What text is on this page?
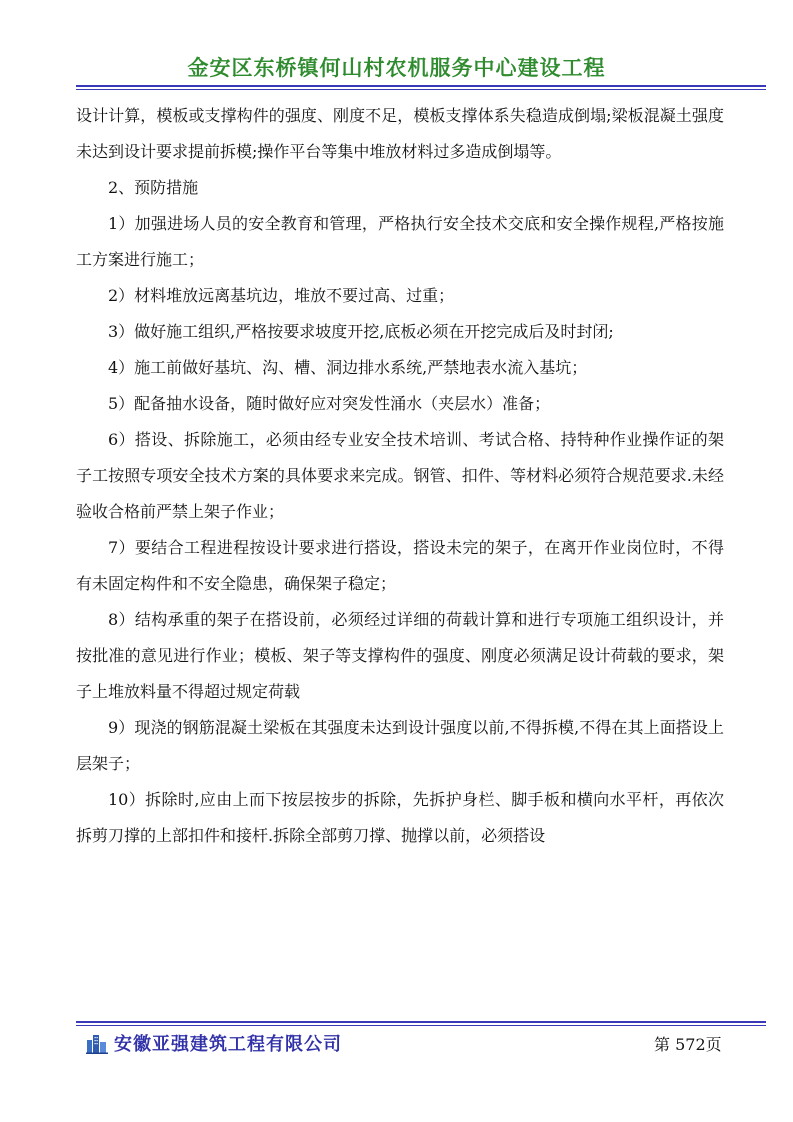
金安区东桥镇何山村农机服务中心建设工程

设计计算，模板或支撑构件的强度、刚度不足，模板支撑体系失稳造成倒塌;梁板混凝土强度未达到设计要求提前拆模;操作平台等集中堆放材料过多造成倒塌等。

2、预防措施

1）加强进场人员的安全教育和管理，严格执行安全技术交底和安全操作规程,严格按施工方案进行施工；

2）材料堆放远离基坑边，堆放不要过高、过重；

3）做好施工组织,严格按要求坡度开挖,底板必须在开挖完成后及时封闭;

4）施工前做好基坑、沟、槽、洞边排水系统,严禁地表水流入基坑；

5）配备抽水设备，随时做好应对突发性涌水（夹层水）准备；

6）搭设、拆除施工，必须由经专业安全技术培训、考试合格、持特种作业操作证的架子工按照专项安全技术方案的具体要求来完成。钢管、扣件、等材料必须符合规范要求.未经验收合格前严禁上架子作业；

7）要结合工程进程按设计要求进行搭设，搭设未完的架子，在离开作业岗位时，不得有未固定构件和不安全隐患，确保架子稳定；

8）结构承重的架子在搭设前，必须经过详细的荷载计算和进行专项施工组织设计，并按批准的意见进行作业；模板、架子等支撑构件的强度、刚度必须满足设计荷载的要求，架子上堆放料量不得超过规定荷载

9）现浇的钢筋混凝土梁板在其强度未达到设计强度以前,不得拆模,不得在其上面搭设上层架子；

10）拆除时,应由上而下按层按步的拆除，先拆护身栏、脚手板和横向水平杆，再依次拆剪刀撑的上部扣件和接杆.拆除全部剪刀撑、抛撑以前，必须搭设

安徽亚强建筑工程有限公司	第 572页
